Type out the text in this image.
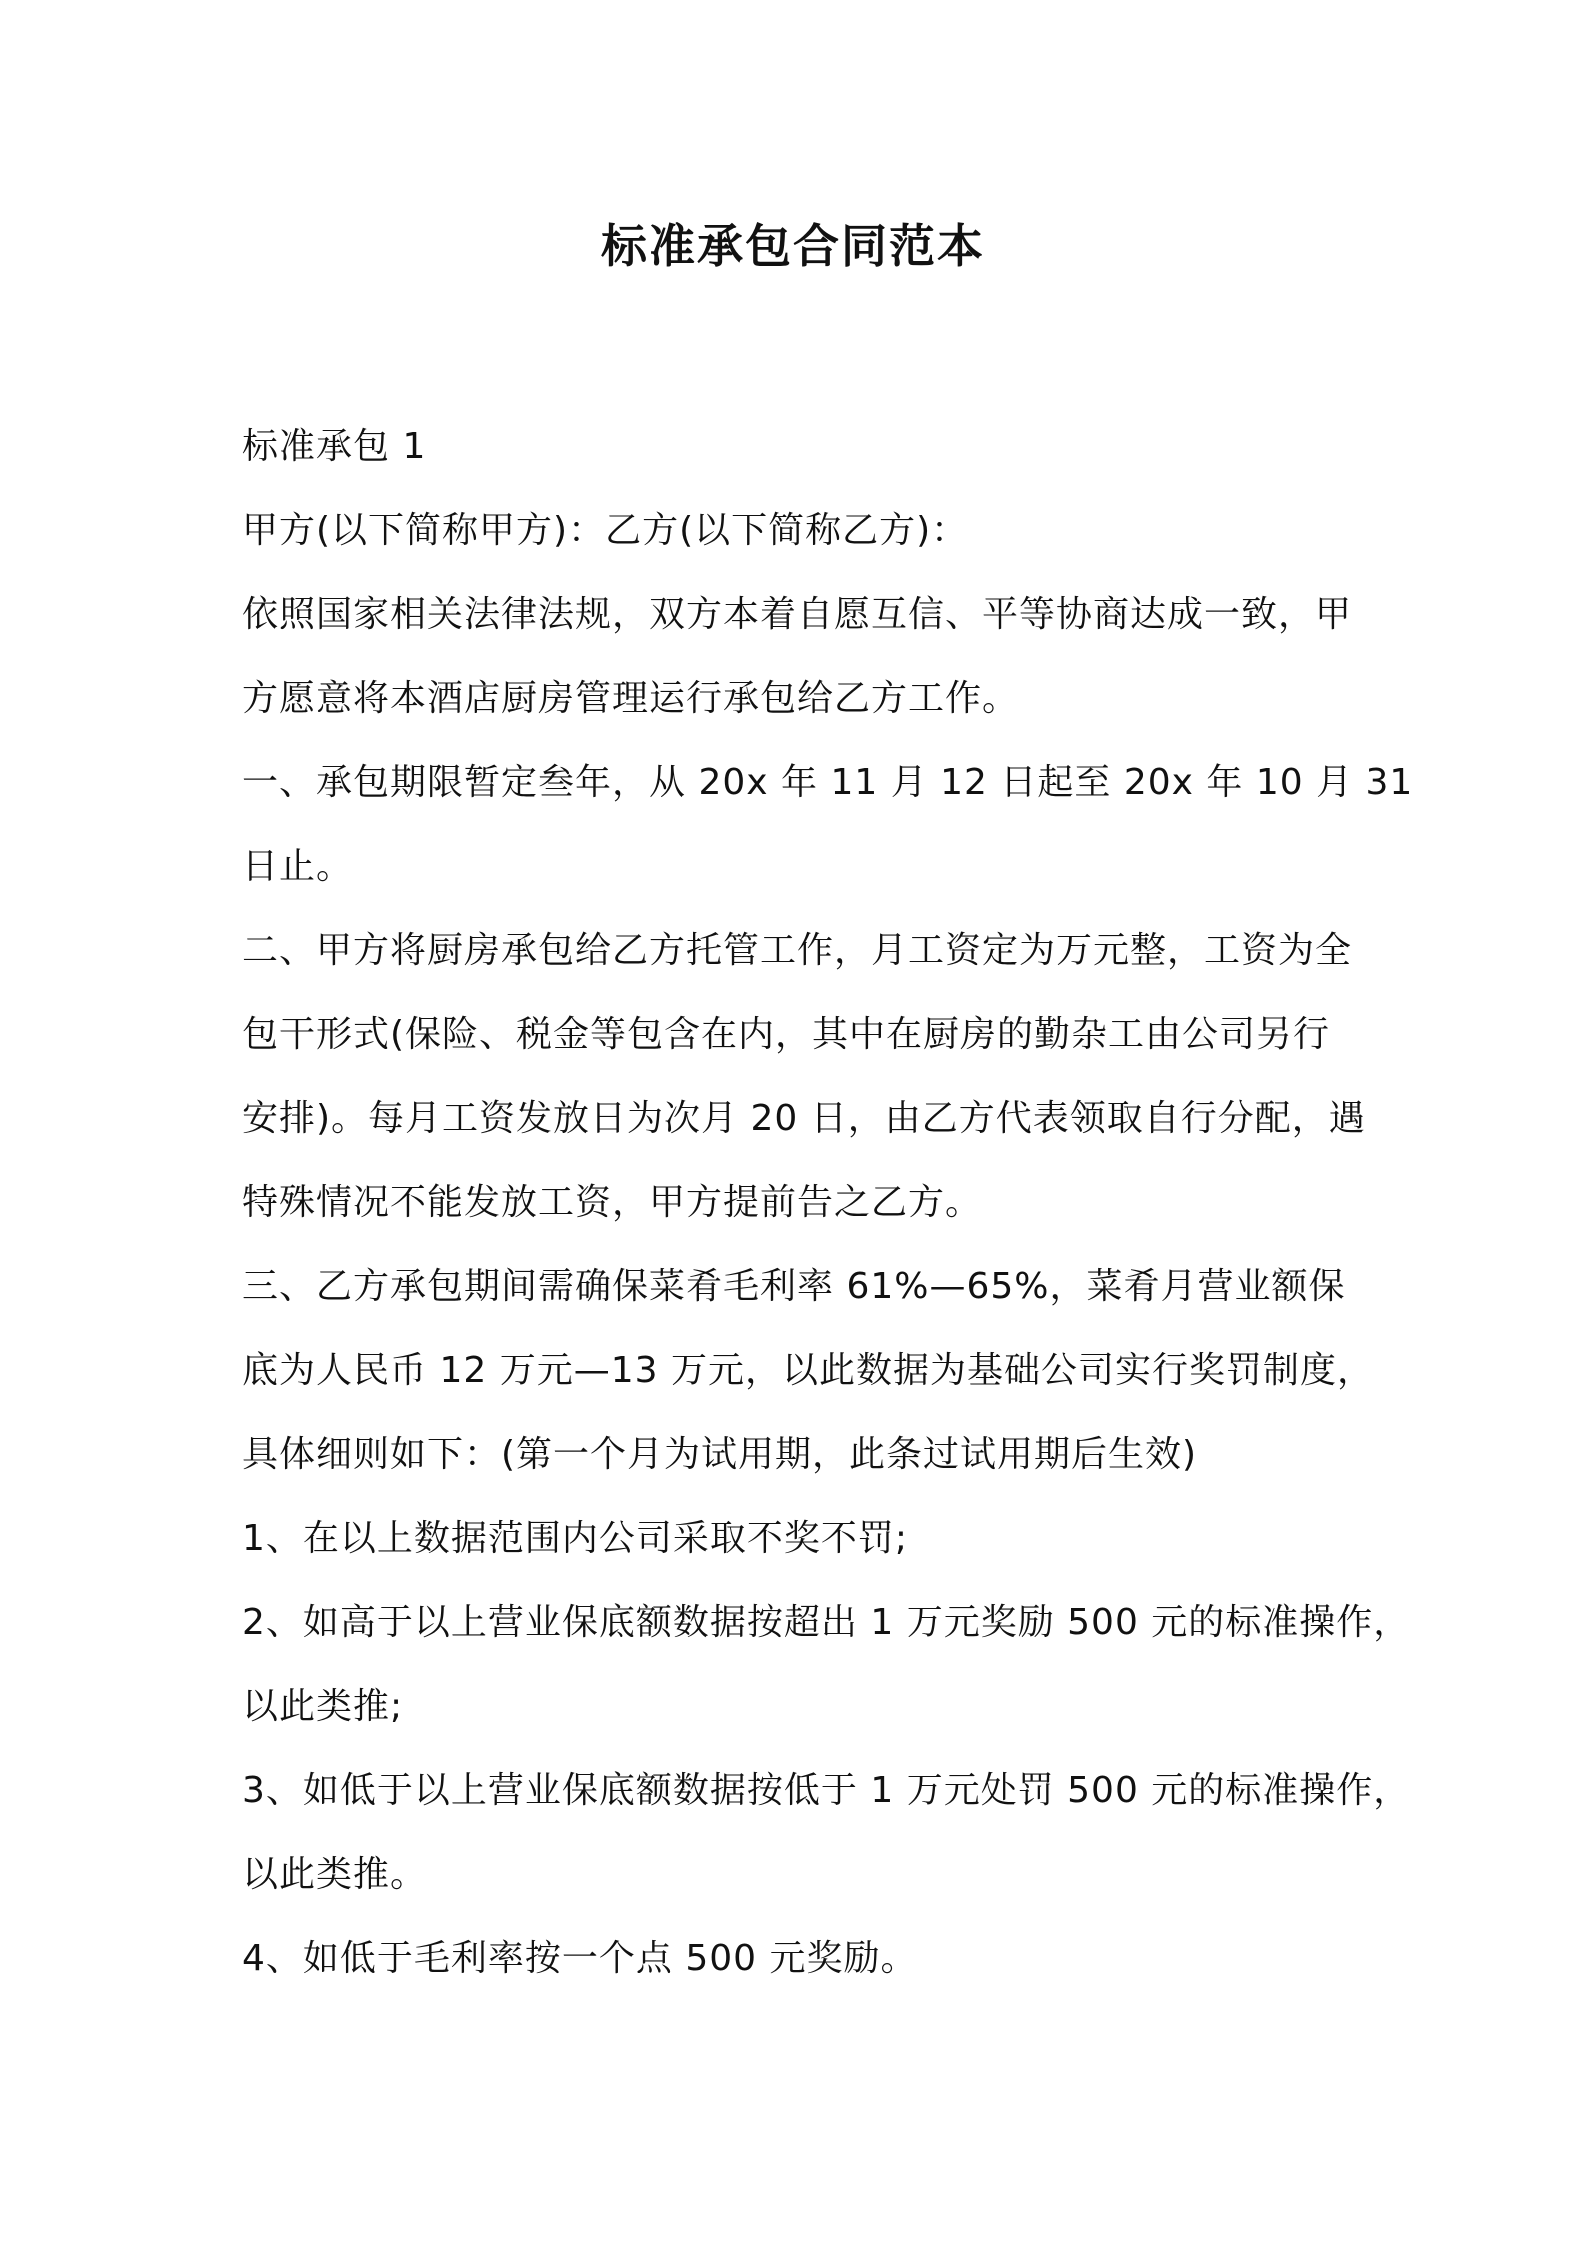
标准承包合同范本
标准承包 1
甲方(以下简称甲方)：乙方(以下简称乙方)：
依照国家相关法律法规，双方本着自愿互信、平等协商达成一致，甲
方愿意将本酒店厨房管理运行承包给乙方工作。
一、承包期限暂定叁年，从 20x 年 11 月 12 日起至 20x 年 10 月 31
日止。
二、甲方将厨房承包给乙方托管工作，月工资定为万元整，工资为全
包干形式(保险、税金等包含在内，其中在厨房的勤杂工由公司另行
安排)。每月工资发放日为次月 20 日，由乙方代表领取自行分配，遇
特殊情况不能发放工资，甲方提前告之乙方。
三、乙方承包期间需确保菜肴毛利率 61%—65%，菜肴月营业额保
底为人民币 12 万元—13 万元，以此数据为基础公司实行奖罚制度，
具体细则如下：(第一个月为试用期，此条过试用期后生效)
1、在以上数据范围内公司采取不奖不罚;
2、如高于以上营业保底额数据按超出 1 万元奖励 500 元的标准操作，
以此类推;
3、如低于以上营业保底额数据按低于 1 万元处罚 500 元的标准操作，
以此类推。
4、如低于毛利率按一个点 500 元奖励。
